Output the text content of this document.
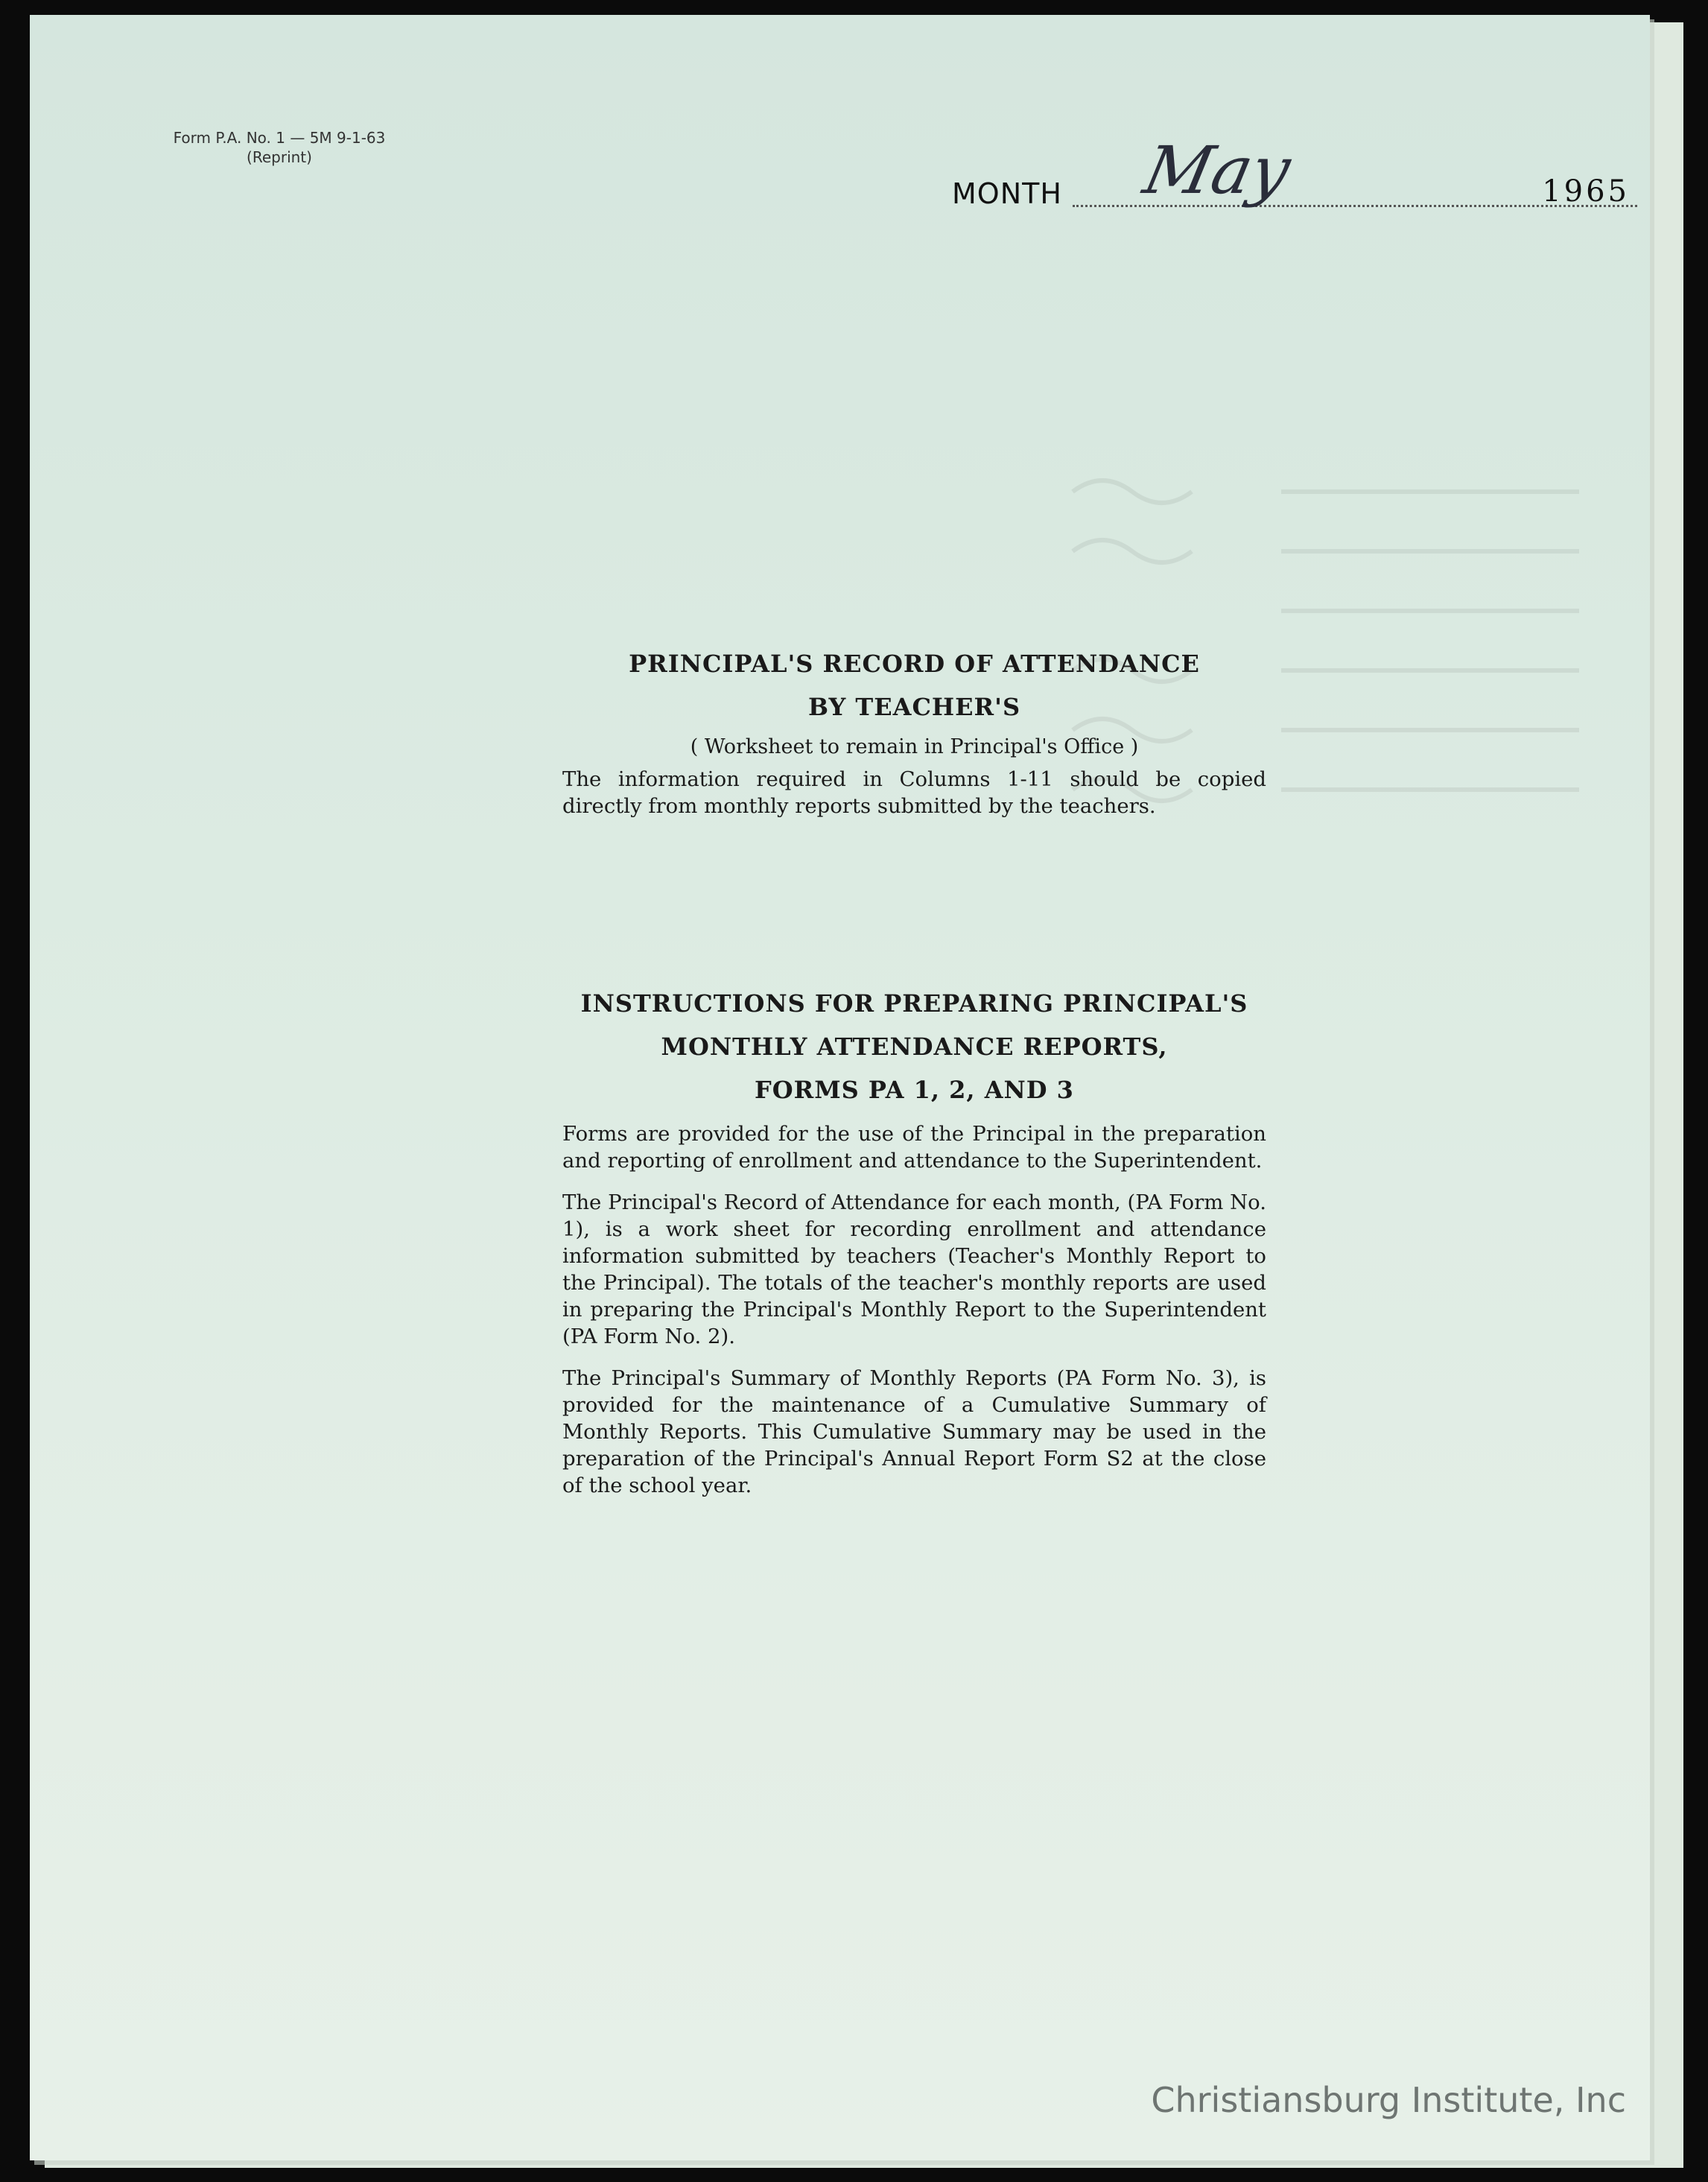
Form P.A. No. 1 — 5M 9-1-63
(Reprint)
MONTH May	1965
PRINCIPAL'S RECORD OF ATTENDANCE
BY TEACHER'S
( Worksheet to remain in Principal's Office )

The information required in Columns 1-11 should be copied directly from monthly reports submitted by the teachers.

INSTRUCTIONS FOR PREPARING PRINCIPAL'S
MONTHLY ATTENDANCE REPORTS,
FORMS PA 1, 2, AND 3

Forms are provided for the use of the Principal in the preparation and reporting of enrollment and attendance to the Superintendent.

The Principal's Record of Attendance for each month, (PA Form No. 1), is a work sheet for recording enrollment and attendance information submitted by teachers (Teacher's Monthly Report to the Principal). The totals of the teacher's monthly reports are used in preparing the Principal's Monthly Report to the Superintendent (PA Form No. 2).

The Principal's Summary of Monthly Reports (PA Form No. 3), is provided for the maintenance of a Cumulative Summary of Monthly Reports. This Cumulative Summary may be used in the preparation of the Principal's Annual Report Form S2 at the close of the school year.

Christiansburg Institute, Inc
